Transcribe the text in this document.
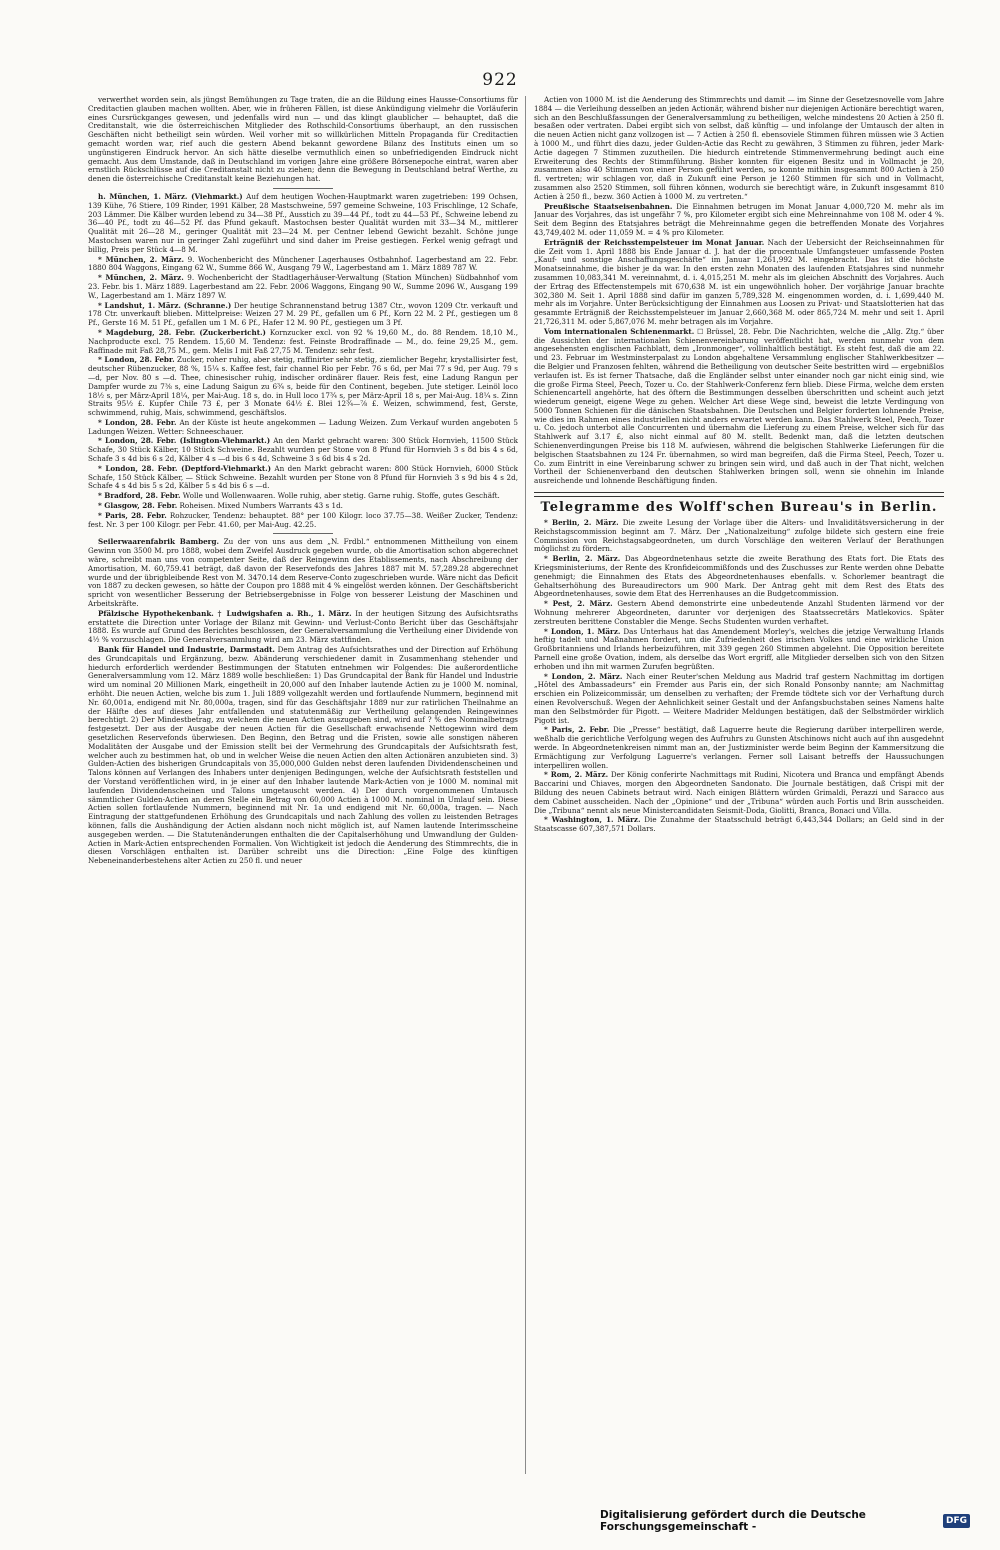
922

verwerthet worden sein, als jüngst Bemühungen zu Tage traten, die an die Bildung eines Hausse-Consortiums für Creditactien glauben machen wollten. Aber, wie in früheren Fällen, ist diese Ankündigung vielmehr die Vorläuferin eines Cursrückganges gewesen, und jedenfalls wird nun — und das klingt glaublicher — behauptet, daß die Creditanstalt, wie die österreichischen Mitglieder des Rothschild-Consortiums überhaupt, an den russischen Geschäften nicht betheiligt sein würden. Weil vorher mit so willkürlichen Mitteln Propaganda für Creditactien gemacht worden war, rief auch die gestern Abend bekannt gewordene Bilanz des Instituts einen um so ungünstigeren Eindruck hervor. An sich hätte dieselbe vermuthlich einen so unbefriedigenden Eindruck nicht gemacht. Aus dem Umstande, daß in Deutschland im vorigen Jahre eine größere Börsenepoche eintrat, waren aber ernstlich Rückschlüsse auf die Creditanstalt nicht zu ziehen; denn die Bewegung in Deutschland betraf Werthe, zu denen die österreichische Creditanstalt keine Beziehungen hat.

h. München, 1. März. (Viehmarkt.) Auf dem heutigen Wochen-Hauptmarkt waren zugetrieben: 199 Ochsen, 139 Kühe, 76 Stiere, 109 Rinder, 1991 Kälber, 28 Mastschweine, 597 gemeine Schweine, 103 Frischlinge, 12 Schafe, 203 Lämmer. Die Kälber wurden lebend zu 34—38 Pf., Ausstich zu 39—44 Pf., todt zu 44—53 Pf., Schweine lebend zu 36—40 Pf., todt zu 46—52 Pf. das Pfund gekauft. Mastochsen bester Qualität wurden mit 33—34 M., mittlerer Qualität mit 26—28 M., geringer Qualität mit 23—24 M. per Centner lebend Gewicht bezahlt. Schöne junge Mastochsen waren nur in geringer Zahl zugeführt und sind daher im Preise gestiegen. Ferkel wenig gefragt und billig, Preis per Stück 4—8 M.

* München, 2. März. 9. Wochenbericht des Münchener Lagerhauses Ostbahnhof. Lagerbestand am 22. Febr. 1880 804 Waggons, Eingang 62 W., Summe 866 W., Ausgang 79 W., Lagerbestand am 1. März 1889 787 W.

* München, 2. März. 9. Wochenbericht der Stadtlagerhäuser-Verwaltung (Station München) Südbahnhof vom 23. Febr. bis 1. März 1889. Lagerbestand am 22. Febr. 2006 Waggons, Eingang 90 W., Summe 2096 W., Ausgang 199 W., Lagerbestand am 1. März 1897 W.

* Landshut, 1. März. (Schranne.) Der heutige Schrannenstand betrug 1387 Ctr., wovon 1209 Ctr. verkauft und 178 Ctr. unverkauft blieben. Mittelpreise: Weizen 27 M. 29 Pf., gefallen um 6 Pf., Korn 22 M. 2 Pf., gestiegen um 8 Pf., Gerste 16 M. 51 Pf., gefallen um 1 M. 6 Pf., Hafer 12 M. 90 Pf., gestiegen um 3 Pf.

* Magdeburg, 28. Febr. (Zuckerbericht.) Kornzucker excl. von 92 % 19,60 M., do. 88 Rendem. 18,10 M., Nachproducte excl. 75 Rendem. 15,60 M. Tendenz: fest. Feinste Brodraffinade — M., do. feine 29,25 M., gem. Raffinade mit Faß 28,75 M., gem. Melis I mit Faß 27,75 M. Tendenz: sehr fest.

* London, 28. Febr. Zucker, roher ruhig, aber stetig, raffinirter sehr stetig, ziemlicher Begehr, krystallisirter fest, deutscher Rübenzucker, 88 %, 15¼ s. Kaffee fest, fair channel Rio per Febr. 76 s 6d, per Mai 77 s 9d, per Aug. 79 s —d, per Nov. 80 s —d. Thee, chinesischer ruhig, indischer ordinärer flauer. Reis fest, eine Ladung Rangun per Dampfer wurde zu 7⅜ s, eine Ladung Saigun zu 6¾ s, beide für den Continent, begeben. Jute stetiger. Leinöl loco 18½ s, per März-April 18¼, per Mai-Aug. 18 s, do. in Hull loco 17¾ s, per März-April 18 s, per Mai-Aug. 18¼ s. Zinn Straits 95½ £. Kupfer Chile 73 £, per 3 Monate 64½ £. Blei 12¾—⅞ £. Weizen, schwimmend, fest, Gerste, schwimmend, ruhig, Mais, schwimmend, geschäftslos.

* London, 28. Febr. An der Küste ist heute angekommen — Ladung Weizen. Zum Verkauf wurden angeboten 5 Ladungen Weizen. Wetter: Schneeschauer.

* London, 28. Febr. (Islington-Viehmarkt.) An den Markt gebracht waren: 300 Stück Hornvieh, 11500 Stück Schafe, 30 Stück Kälber, 10 Stück Schweine. Bezahlt wurden per Stone von 8 Pfund für Hornvieh 3 s 8d bis 4 s 6d, Schafe 3 s 4d bis 6 s 2d, Kälber 4 s —d bis 6 s 4d, Schweine 3 s 6d bis 4 s 2d.

* London, 28. Febr. (Deptford-Viehmarkt.) An den Markt gebracht waren: 800 Stück Hornvieh, 6000 Stück Schafe, 150 Stück Kälber, — Stück Schweine. Bezahlt wurden per Stone von 8 Pfund für Hornvieh 3 s 9d bis 4 s 2d, Schafe 4 s 4d bis 5 s 2d, Kälber 5 s 4d bis 6 s —d.

* Bradford, 28. Febr. Wolle und Wollenwaaren. Wolle ruhig, aber stetig. Garne ruhig. Stoffe, gutes Geschäft.

* Glasgow, 28. Febr. Roheisen. Mixed Numbers Warrants 43 s 1d.

* Paris, 28. Febr. Rohzucker, Tendenz: behauptet. 88° per 100 Kilogr. loco 37.75—38. Weißer Zucker, Tendenz: fest. Nr. 3 per 100 Kilogr. per Febr. 41.60, per Mai-Aug. 42.25.

Seilerwaarenfabrik Bamberg. Zu der von uns aus dem „N. Frdbl.“ entnommenen Mittheilung von einem Gewinn von 3500 M. pro 1888, wobei dem Zweifel Ausdruck gegeben wurde, ob die Amortisation schon abgerechnet wäre, schreibt man uns von competenter Seite, daß der Reingewinn des Etablissements, nach Abschreibung der Amortisation, M. 60,759.41 beträgt, daß davon der Reservefonds des Jahres 1887 mit M. 57,289.28 abgerechnet wurde und der übrigbleibende Rest von M. 3470.14 dem Reserve-Conto zugeschrieben wurde. Wäre nicht das Deficit von 1887 zu decken gewesen, so hätte der Coupon pro 1888 mit 4 % eingelöst werden können. Der Geschäftsbericht spricht von wesentlicher Besserung der Betriebsergebnisse in Folge von besserer Leistung der Maschinen und Arbeitskräfte.

Pfälzische Hypothekenbank. † Ludwigshafen a. Rh., 1. März. In der heutigen Sitzung des Aufsichtsraths erstattete die Direction unter Vorlage der Bilanz mit Gewinn- und Verlust-Conto Bericht über das Geschäftsjahr 1888. Es wurde auf Grund des Berichtes beschlossen, der Generalversammlung die Vertheilung einer Dividende von 4½ % vorzuschlagen. Die Generalversammlung wird am 23. März stattfinden.

Bank für Handel und Industrie, Darmstadt. Dem Antrag des Aufsichtsrathes und der Direction auf Erhöhung des Grundcapitals und Ergänzung, bezw. Abänderung verschiedener damit in Zusammenhang stehender und hiedurch erforderlich werdender Bestimmungen der Statuten entnehmen wir Folgendes: Die außerordentliche Generalversammlung vom 12. März 1889 wolle beschließen: 1) Das Grundcapital der Bank für Handel und Industrie wird um nominal 20 Millionen Mark, eingetheilt in 20,000 auf den Inhaber lautende Actien zu je 1000 M. nominal, erhöht. Die neuen Actien, welche bis zum 1. Juli 1889 vollgezahlt werden und fortlaufende Nummern, beginnend mit Nr. 60,001a, endigend mit Nr. 80,000a, tragen, sind für das Geschäftsjahr 1889 nur zur ratirlichen Theilnahme an der Hälfte des auf dieses Jahr entfallenden und statutenmäßig zur Vertheilung gelangenden Reingewinnes berechtigt. 2) Der Mindestbetrag, zu welchem die neuen Actien auszugeben sind, wird auf ? % des Nominalbetrags festgesetzt. Der aus der Ausgabe der neuen Actien für die Gesellschaft erwachsende Nettogewinn wird dem gesetzlichen Reservefonds überwiesen. Den Beginn, den Betrag und die Fristen, sowie alle sonstigen näheren Modalitäten der Ausgabe und der Emission stellt bei der Vermehrung des Grundcapitals der Aufsichtsrath fest, welcher auch zu bestimmen hat, ob und in welcher Weise die neuen Actien den alten Actionären anzubieten sind. 3) Gulden-Actien des bisherigen Grundcapitals von 35,000,000 Gulden nebst deren laufenden Dividendenscheinen und Talons können auf Verlangen des Inhabers unter denjenigen Bedingungen, welche der Aufsichtsrath feststellen und der Vorstand veröffentlichen wird, in je einer auf den Inhaber lautende Mark-Actien von je 1000 M. nominal mit laufenden Dividendenscheinen und Talons umgetauscht werden. 4) Der durch vorgenommenen Umtausch sämmtlicher Gulden-Actien an deren Stelle ein Betrag von 60,000 Actien à 1000 M. nominal in Umlauf sein. Diese Actien sollen fortlaufende Nummern, beginnend mit Nr. 1a und endigend mit Nr. 60,000a, tragen. — Nach Eintragung der stattgefundenen Erhöhung des Grundcapitals und nach Zahlung des vollen zu leistenden Betrages können, falls die Aushändigung der Actien alsdann noch nicht möglich ist, auf Namen lautende Interimsscheine ausgegeben werden. — Die Statutenänderungen enthalten die der Capitalserhöhung und Umwandlung der Gulden-Actien in Mark-Actien entsprechenden Formalien. Von Wichtigkeit ist jedoch die Aenderung des Stimmrechts, die in diesen Vorschlägen enthalten ist. Darüber schreibt uns die Direction: „Eine Folge des künftigen Nebeneinanderbestehens alter Actien zu 250 fl. und neuer

Actien von 1000 M. ist die Aenderung des Stimmrechts und damit — im Sinne der Gesetzesnovelle vom Jahre 1884 — die Verleihung desselben an jeden Actionär, während bisher nur diejenigen Actionäre berechtigt waren, sich an den Beschlußfassungen der Generalversammlung zu betheiligen, welche mindestens 20 Actien à 250 fl. besaßen oder vertraten. Dabei ergibt sich von selbst, daß künftig — und infolange der Umtausch der alten in die neuen Actien nicht ganz vollzogen ist — 7 Actien à 250 fl. ebensoviele Stimmen führen müssen wie 3 Actien à 1000 M., und führt dies dazu, jeder Gulden-Actie das Recht zu gewähren, 3 Stimmen zu führen, jeder Mark-Actie dagegen 7 Stimmen zuzutheilen. Die hiedurch eintretende Stimmenvermehrung bedingt auch eine Erweiterung des Rechts der Stimmführung. Bisher konnten für eigenen Besitz und in Vollmacht je 20, zusammen also 40 Stimmen von einer Person geführt werden, so konnte mithin insgesammt 800 Actien à 250 fl. vertreten; wir schlagen vor, daß in Zukunft eine Person je 1260 Stimmen für sich und in Vollmacht, zusammen also 2520 Stimmen, soll führen können, wodurch sie berechtigt wäre, in Zukunft insgesammt 810 Actien à 250 fl., bezw. 360 Actien à 1000 M. zu vertreten.“

Preußische Staatseisenbahnen. Die Einnahmen betrugen im Monat Januar 4,000,720 M. mehr als im Januar des Vorjahres, das ist ungefähr 7 %, pro Kilometer ergibt sich eine Mehreinnahme von 108 M. oder 4 %. Seit dem Beginn des Etatsjahres beträgt die Mehreinnahme gegen die betreffenden Monate des Vorjahres 43,749,402 M. oder 11,059 M. = 4 % pro Kilometer.

Erträgniß der Reichsstempelsteuer im Monat Januar. Nach der Uebersicht der Reichseinnahmen für die Zeit vom 1. April 1888 bis Ende Januar d. J. hat der die procentuale Umfangsteuer umfassende Posten „Kauf- und sonstige Anschaffungsgeschäfte“ im Januar 1,261,992 M. eingebracht. Das ist die höchste Monatseinnahme, die bisher je da war. In den ersten zehn Monaten des laufenden Etatsjahres sind nunmehr zusammen 10,083,341 M. vereinnahmt, d. i. 4,015,251 M. mehr als im gleichen Abschnitt des Vorjahres. Auch der Ertrag des Effectenstempels mit 670,638 M. ist ein ungewöhnlich hoher. Der vorjährige Januar brachte 302,380 M. Seit 1. April 1888 sind dafür im ganzen 5,789,328 M. eingenommen worden, d. i. 1,699,440 M. mehr als im Vorjahre. Unter Berücksichtigung der Einnahmen aus Loosen zu Privat- und Staatslotterien hat das gesammte Erträgniß der Reichsstempelsteuer im Januar 2,660,368 M. oder 865,724 M. mehr und seit 1. April 21,726,311 M. oder 5,867,076 M. mehr betragen als im Vorjahre.

Vom internationalen Schienenmarkt. ☐ Brüssel, 28. Febr. Die Nachrichten, welche die „Allg. Ztg.“ über die Aussichten der internationalen Schienenvereinbarung veröffentlicht hat, werden nunmehr von dem angesehensten englischen Fachblatt, dem „Ironmonger“, vollinhaltlich bestätigt. Es steht fest, daß die am 22. und 23. Februar im Westminsterpalast zu London abgehaltene Versammlung englischer Stahlwerkbesitzer — die Belgier und Franzosen fehlten, während die Betheiligung von deutscher Seite bestritten wird — ergebnißlos verlaufen ist. Es ist ferner Thatsache, daß die Engländer selbst unter einander noch gar nicht einig sind, wie die große Firma Steel, Peech, Tozer u. Co. der Stahlwerk-Conferenz fern blieb. Diese Firma, welche dem ersten Schienencartell angehörte, hat des öftern die Bestimmungen desselben überschritten und scheint auch jetzt wiederum geneigt, eigene Wege zu gehen. Welcher Art diese Wege sind, beweist die letzte Verdingung von 5000 Tonnen Schienen für die dänischen Staatsbahnen. Die Deutschen und Belgier forderten lohnende Preise, wie dies im Rahmen eines industriellen nicht anders erwartet werden kann. Das Stahlwerk Steel, Peech, Tozer u. Co. jedoch unterbot alle Concurrenten und übernahm die Lieferung zu einem Preise, welcher sich für das Stahlwerk auf 3.17 £, also nicht einmal auf 80 M. stellt. Bedenkt man, daß die letzten deutschen Schienenverdingungen Preise bis 118 M. aufwiesen, während die belgischen Stahlwerke Lieferungen für die belgischen Staatsbahnen zu 124 Fr. übernahmen, so wird man begreifen, daß die Firma Steel, Peech, Tozer u. Co. zum Eintritt in eine Vereinbarung schwer zu bringen sein wird, und daß auch in der That nicht, welchen Vortheil der Schienenverband den deutschen Stahlwerken bringen soll, wenn sie ohnehin im Inlande ausreichende und lohnende Beschäftigung finden.

Telegramme des Wolff'schen Bureau's in Berlin.

* Berlin, 2. März. Die zweite Lesung der Vorlage über die Alters- und Invaliditätsversicherung in der Reichstagscommission beginnt am 7. März. Der „Nationalzeitung“ zufolge bildete sich gestern eine freie Commission von Reichstagsabgeordneten, um durch Vorschläge den weiteren Verlauf der Berathungen möglichst zu fördern.

* Berlin, 2. März. Das Abgeordnetenhaus setzte die zweite Berathung des Etats fort. Die Etats des Kriegsministeriums, der Rente des Kronfideicommißfonds und des Zuschusses zur Rente werden ohne Debatte genehmigt; die Einnahmen des Etats des Abgeordnetenhauses ebenfalls. v. Schorlemer beantragt die Gehaltserhöhung des Bureaudirectors um 900 Mark. Der Antrag geht mit dem Rest des Etats des Abgeordnetenhauses, sowie dem Etat des Herrenhauses an die Budgetcommission.

* Pest, 2. März. Gestern Abend demonstrirte eine unbedeutende Anzahl Studenten lärmend vor der Wohnung mehrerer Abgeordneten, darunter vor derjenigen des Staatssecretärs Matlekovics. Später zerstreuten berittene Constabler die Menge. Sechs Studenten wurden verhaftet.

* London, 1. März. Das Unterhaus hat das Amendement Morley's, welches die jetzige Verwaltung Irlands heftig tadelt und Maßnahmen fordert, um die Zufriedenheit des irischen Volkes und eine wirkliche Union Großbritanniens und Irlands herbeizuführen, mit 339 gegen 260 Stimmen abgelehnt. Die Opposition bereitete Parnell eine große Ovation, indem, als derselbe das Wort ergriff, alle Mitglieder derselben sich von den Sitzen erhoben und ihn mit warmen Zurufen begrüßten.

* London, 2. März. Nach einer Reuter'schen Meldung aus Madrid traf gestern Nachmittag im dortigen „Hôtel des Ambassadeurs“ ein Fremder aus Paris ein, der sich Ronald Ponsonby nannte; am Nachmittag erschien ein Polizeicommissär, um denselben zu verhaften; der Fremde tödtete sich vor der Verhaftung durch einen Revolverschuß. Wegen der Aehnlichkeit seiner Gestalt und der Anfangsbuchstaben seines Namens halte man den Selbstmörder für Pigott. — Weitere Madrider Meldungen bestätigen, daß der Selbstmörder wirklich Pigott ist.

* Paris, 2. Febr. Die „Presse“ bestätigt, daß Laguerre heute die Regierung darüber interpelliren werde, weßhalb die gerichtliche Verfolgung wegen des Aufruhrs zu Gunsten Atschinows nicht auch auf ihn ausgedehnt werde. In Abgeordnetenkreisen nimmt man an, der Justizminister werde beim Beginn der Kammersitzung die Ermächtigung zur Verfolgung Laguerre's verlangen. Ferner soll Laisant betreffs der Haussuchungen interpelliren wollen.

* Rom, 2. März. Der König conferirte Nachmittags mit Rudini, Nicotera und Branca und empfängt Abends Baccarini und Chiaves, morgen den Abgeordneten Sandonato. Die Journale bestätigen, daß Crispi mit der Bildung des neuen Cabinets betraut wird. Nach einigen Blättern würden Grimaldi, Perazzi und Saracco aus dem Cabinet ausscheiden. Nach der „Opinione“ und der „Tribuna“ würden auch Fortis und Brin ausscheiden. Die „Tribuna“ nennt als neue Ministercandidaten Seismit-Doda, Giolitti, Branca, Bonaci und Villa.

* Washington, 1. März. Die Zunahme der Staatsschuld beträgt 6,443,344 Dollars; an Geld sind in der Staatscasse 607,387,571 Dollars.

Digitalisierung gefördert durch die Deutsche Forschungsgemeinschaft -	DFG
